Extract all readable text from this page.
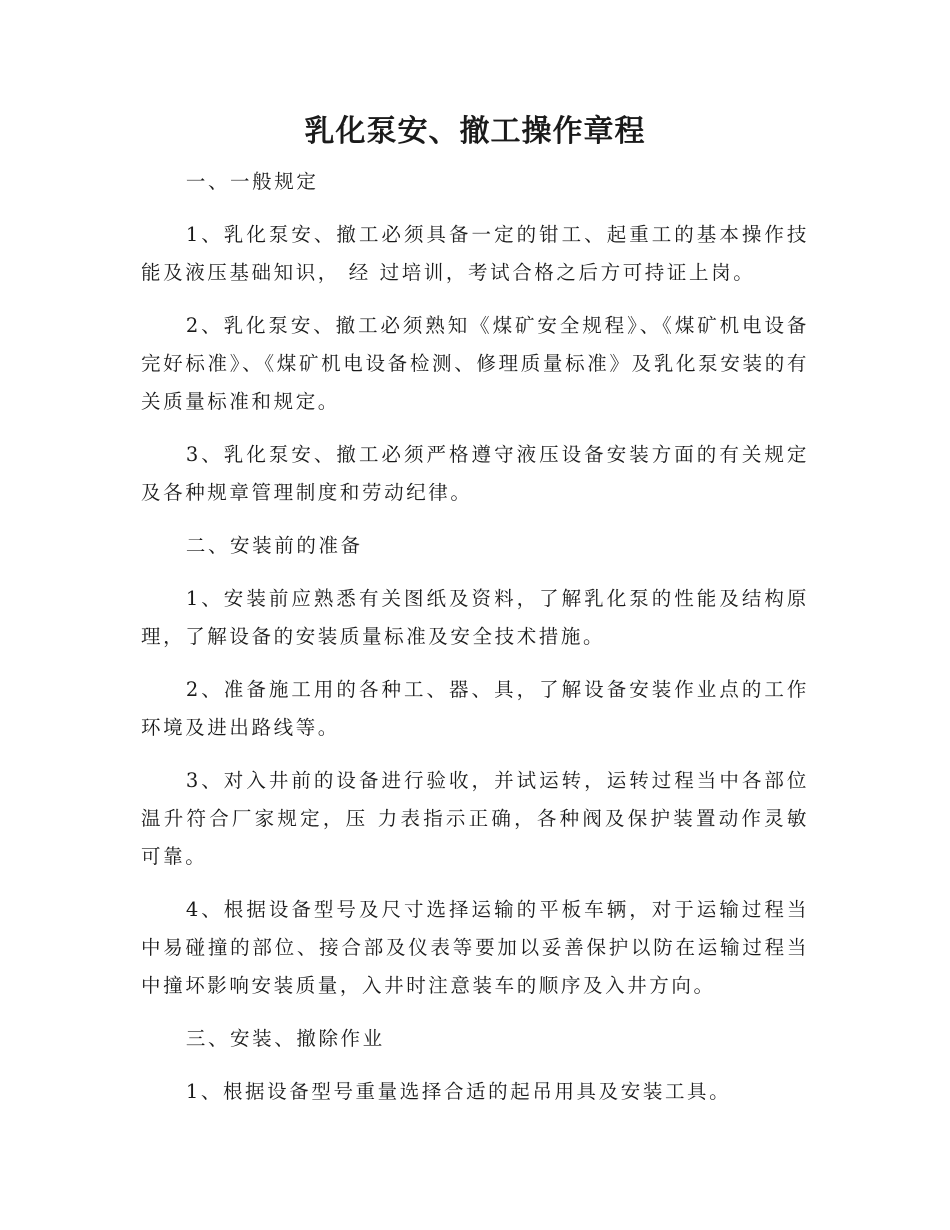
乳化泵安、撤工操作章程

一、一般规定

1、乳化泵安、撤工必须具备一定的钳工、起重工的基本操作技能及液压基础知识， 经 过培训，考试合格之后方可持证上岗。

2、乳化泵安、撤工必须熟知《煤矿安全规程》、《煤矿机电设备完好标准》、《煤矿机电设备检测、修理质量标准》及乳化泵安装的有关质量标准和规定。

3、乳化泵安、撤工必须严格遵守液压设备安装方面的有关规定及各种规章管理制度和劳动纪律。

二、安装前的准备

1、安装前应熟悉有关图纸及资料，了解乳化泵的性能及结构原理，了解设备的安装质量标准及安全技术措施。

2、准备施工用的各种工、器、具，了解设备安装作业点的工作环境及进出路线等。

3、对入井前的设备进行验收，并试运转，运转过程当中各部位温升符合厂家规定，压 力表指示正确，各种阀及保护装置动作灵敏可靠。

4、根据设备型号及尺寸选择运输的平板车辆，对于运输过程当中易碰撞的部位、接合部及仪表等要加以妥善保护以防在运输过程当中撞坏影响安装质量，入井时注意装车的顺序及入井方向。

三、安装、撤除作业

1、根据设备型号重量选择合适的起吊用具及安装工具。
